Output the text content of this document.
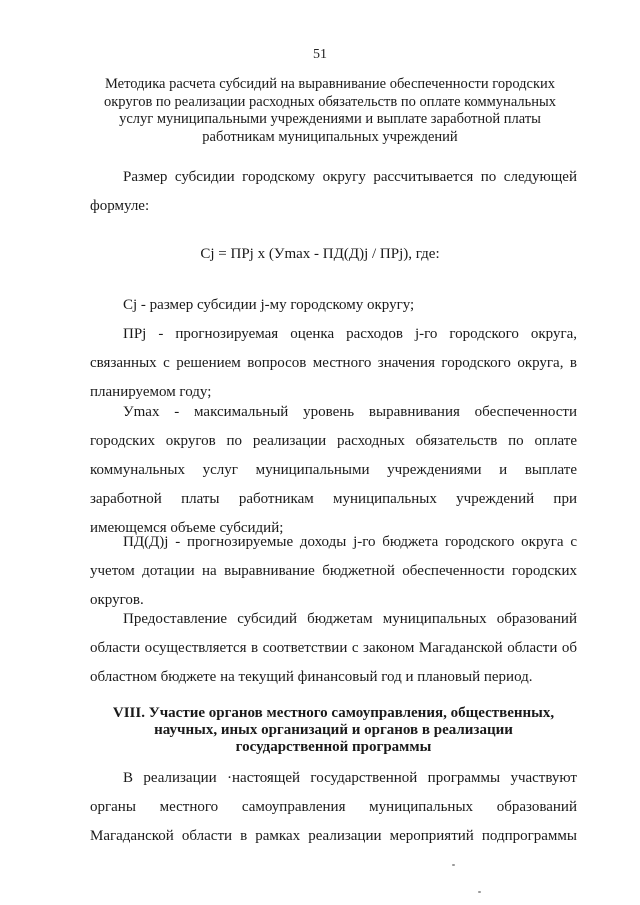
51
Методика расчета субсидий на выравнивание обеспеченности городских
округов по реализации расходных обязательств по оплате коммунальных
услуг муниципальными учреждениями и выплате заработной платы
работникам муниципальных учреждений
Размер субсидии городскому округу рассчитывается по следующей
формуле:
Cj = ПРj x (Уmax - ПД(Д)j / ПРj), где:
Cj - размер субсидии j-му городскому округу;
ПРj - прогнозируемая оценка расходов j-го городского округа,
связанных с решением вопросов местного значения городского округа, в
планируемом году;
Уmax - максимальный уровень выравнивания обеспеченности
городских округов по реализации расходных обязательств по оплате
коммунальных услуг муниципальными учреждениями и выплате
заработной платы работникам муниципальных учреждений при
имеющемся объеме субсидий;
ПД(Д)j - прогнозируемые доходы j-го бюджета городского округа с
учетом дотации на выравнивание бюджетной обеспеченности городских
округов.
Предоставление субсидий бюджетам муниципальных образований
области осуществляется в соответствии с законом Магаданской области об
областном бюджете на текущий финансовый год и плановый период.
VIII. Участие органов местного самоуправления, общественных,
научных, иных организаций и органов в реализации
государственной программы
В реализации ·настоящей государственной программы участвуют
органы местного самоуправления муниципальных образований
Магаданской области в рамках реализации мероприятий подпрограммы
